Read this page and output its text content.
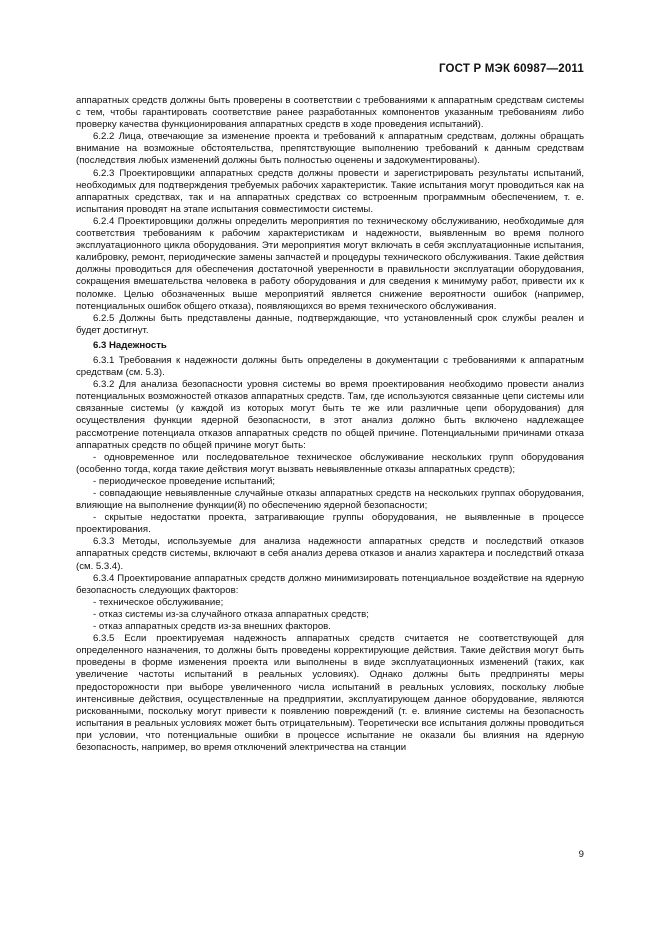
ГОСТ Р МЭК 60987—2011

аппаратных средств должны быть проверены в соответствии с требованиями к аппаратным средствам системы с тем, чтобы гарантировать соответствие ранее разработанных компонентов указанным требованиям либо проверку качества функционирования аппаратных средств в ходе проведения испытаний).

6.2.2 Лица, отвечающие за изменение проекта и требований к аппаратным средствам, должны обращать внимание на возможные обстоятельства, препятствующие выполнению требований к данным средствам (последствия любых изменений должны быть полностью оценены и задокументированы).

6.2.3 Проектировщики аппаратных средств должны провести и зарегистрировать результаты испытаний, необходимых для подтверждения требуемых рабочих характеристик. Такие испытания могут проводиться как на аппаратных средствах, так и на аппаратных средствах со встроенным программным обеспечением, т. е. испытания проводят на этапе испытания совместимости системы.

6.2.4 Проектировщики должны определить мероприятия по техническому обслуживанию, необходимые для соответствия требованиям к рабочим характеристикам и надежности, выявленным во время полного эксплуатационного цикла оборудования. Эти мероприятия могут включать в себя эксплуатационные испытания, калибровку, ремонт, периодические замены запчастей и процедуры технического обслуживания. Такие действия должны проводиться для обеспечения достаточной уверенности в правильности эксплуатации оборудования, сокращения вмешательства человека в работу оборудования и для сведения к минимуму работ, привести их к поломке. Целью обозначенных выше мероприятий является снижение вероятности ошибок (например, потенциальных ошибок общего отказа), появляющихся во время технического обслуживания.

6.2.5 Должны быть представлены данные, подтверждающие, что установленный срок службы реален и будет достигнут.

6.3 Надежность

6.3.1 Требования к надежности должны быть определены в документации с требованиями к аппаратным средствам (см. 5.3).

6.3.2 Для анализа безопасности уровня системы во время проектирования необходимо провести анализ потенциальных возможностей отказов аппаратных средств. Там, где используются связанные цепи системы или связанные системы (у каждой из которых могут быть те же или различные цепи оборудования) для осуществления функции ядерной безопасности, в этот анализ должно быть включено надлежащее рассмотрение потенциала отказов аппаратных средств по общей причине. Потенциальными причинами отказа аппаратных средств по общей причине могут быть:

- одновременное или последовательное техническое обслуживание нескольких групп оборудования (особенно тогда, когда такие действия могут вызвать невыявленные отказы аппаратных средств);

- периодическое проведение испытаний;

- совпадающие невыявленные случайные отказы аппаратных средств на нескольких группах оборудования, влияющие на выполнение функции(й) по обеспечению ядерной безопасности;

- скрытые недостатки проекта, затрагивающие группы оборудования, не выявленные в процессе проектирования.

6.3.3 Методы, используемые для анализа надежности аппаратных средств и последствий отказов аппаратных средств системы, включают в себя анализ дерева отказов и анализ характера и последствий отказа (см. 5.3.4).

6.3.4 Проектирование аппаратных средств должно минимизировать потенциальное воздействие на ядерную безопасность следующих факторов:

- техническое обслуживание;

- отказ системы из-за случайного отказа аппаратных средств;

- отказ аппаратных средств из-за внешних факторов.

6.3.5 Если проектируемая надежность аппаратных средств считается не соответствующей для определенного назначения, то должны быть проведены корректирующие действия. Такие действия могут быть проведены в форме изменения проекта или выполнены в виде эксплуатационных изменений (таких, как увеличение частоты испытаний в реальных условиях). Однако должны быть предприняты меры предосторожности при выборе увеличенного числа испытаний в реальных условиях, поскольку любые интенсивные действия, осуществленные на предприятии, эксплуатирующем данное оборудование, являются рискованными, поскольку могут привести к появлению повреждений (т. е. влияние системы на безопасность испытания в реальных условиях может быть отрицательным). Теоретически все испытания должны проводиться при условии, что потенциальные ошибки в процессе испытание не оказали бы влияния на ядерную безопасность, например, во время отключений электричества на станции

9
